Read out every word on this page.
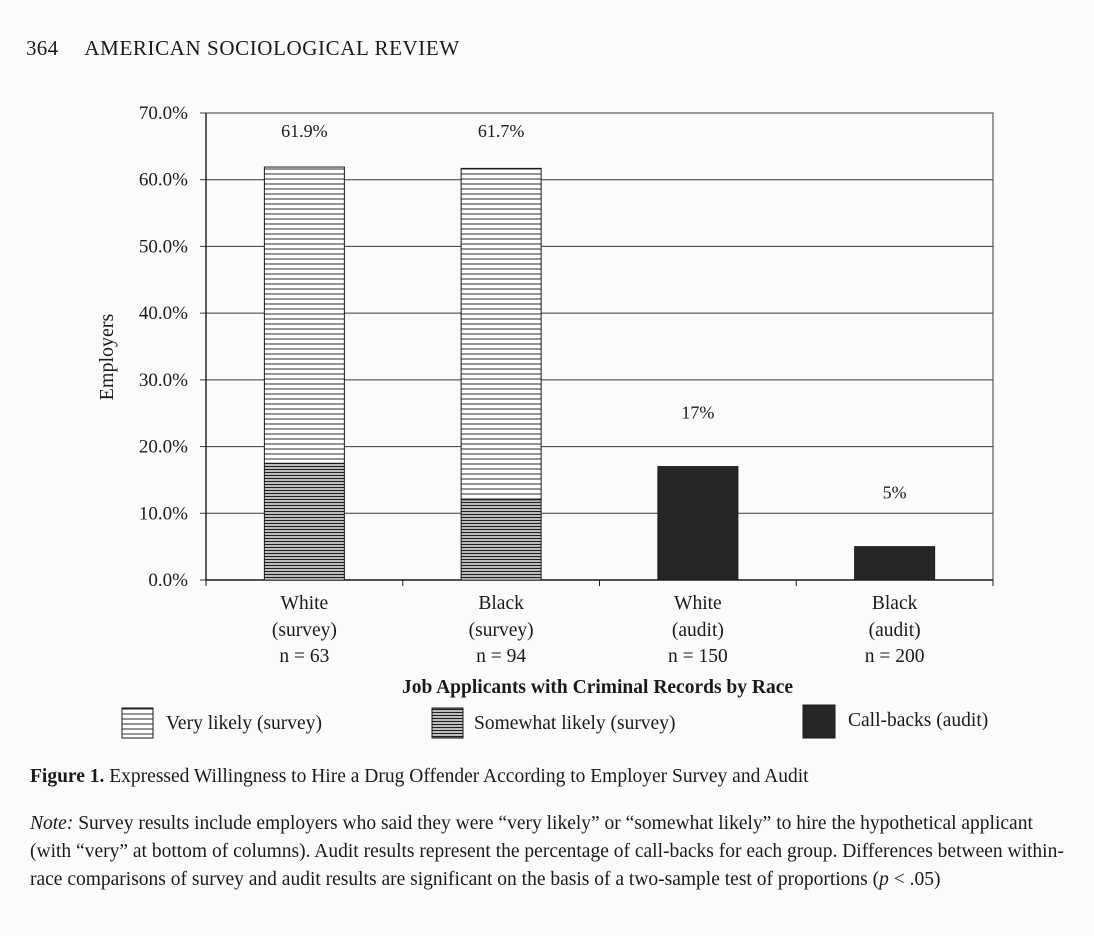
364 AMERICAN SOCIOLOGICAL REVIEW
0.0%
10.0%
20.0%
30.0%
40.0%
50.0%
60.0%
70.0%
Employers
61.9%
White
(survey)
n = 63
61.7%
Black
(survey)
n = 94
17%
White
(audit)
n = 150
5%
Black
(audit)
n = 200
Job Applicants with Criminal Records by Race
Very likely (survey)	Somewhat likely (survey)	Call-backs (audit)
Figure 1. Expressed Willingness to Hire a Drug Offender According to Employer Survey and Audit
Note: Survey results include employers who said they were “very likely” or “somewhat likely” to hire the hypothetical applicant (with “very” at bottom of columns). Audit results represent the percentage of call-backs for each group. Differences between within-race comparisons of survey and audit results are significant on the basis of a two-sample test of proportions (p < .05)
